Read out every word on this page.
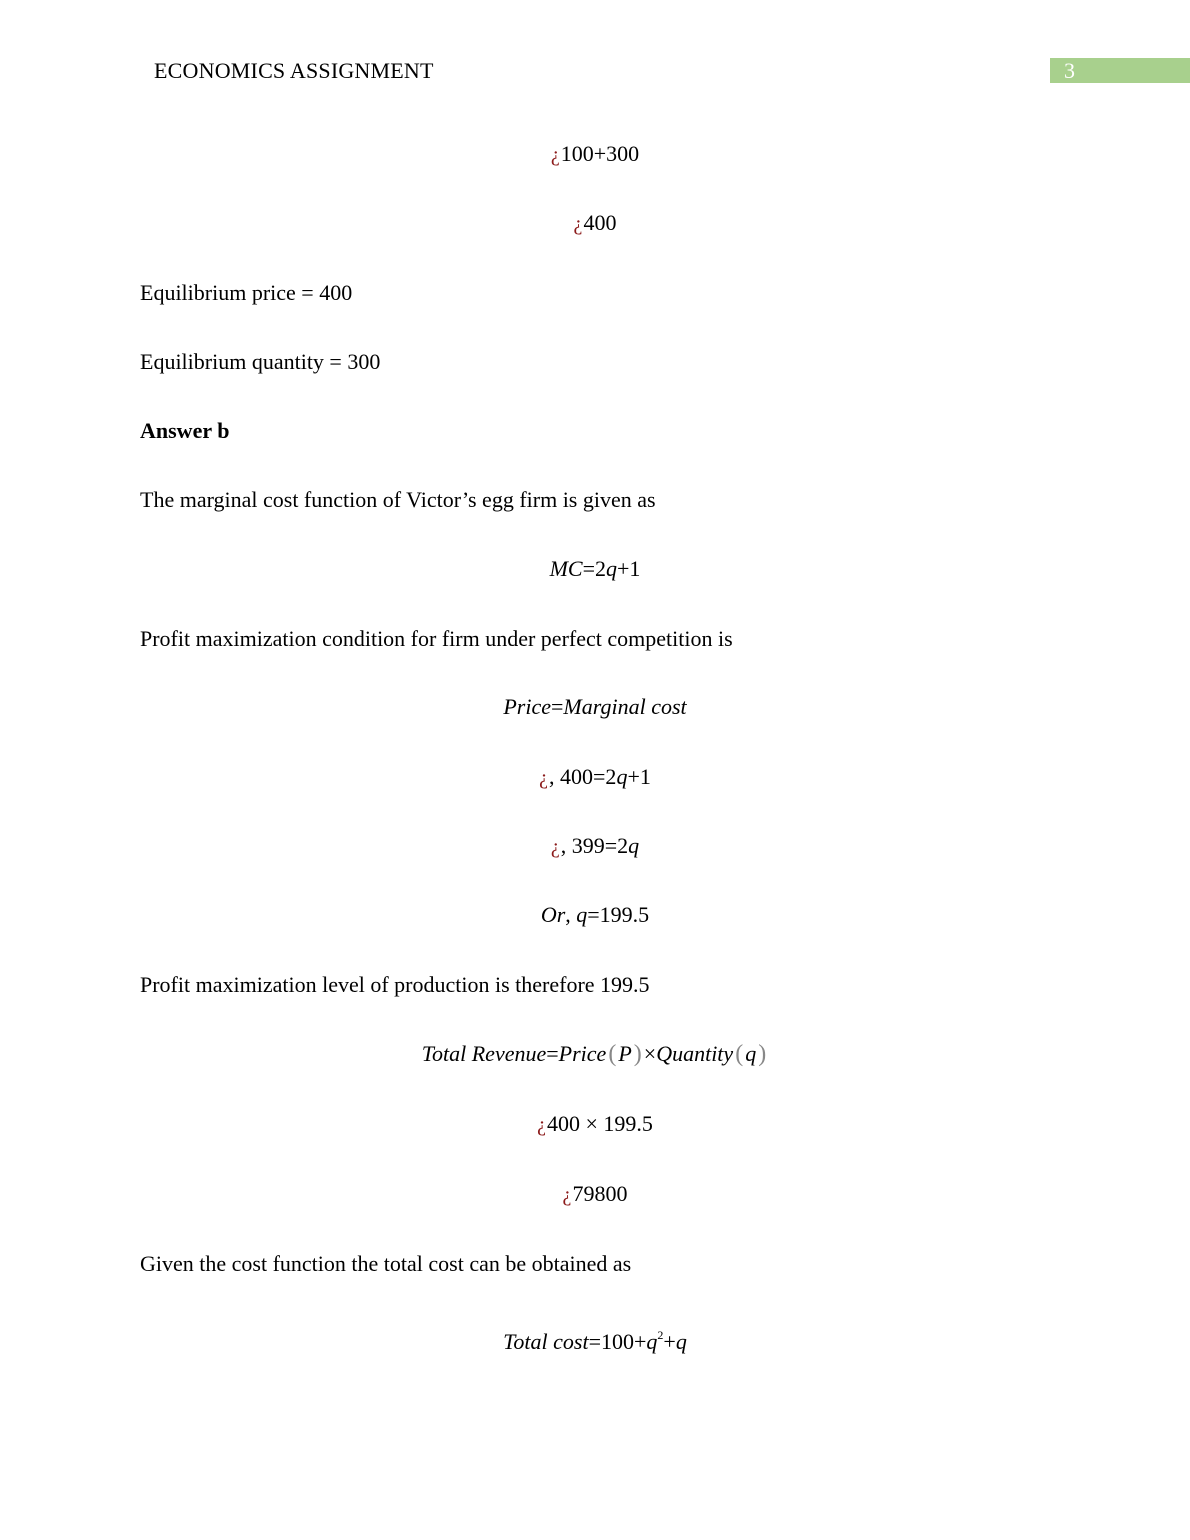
ECONOMICS ASSIGNMENT	3
¿100+300
¿400
Equilibrium price = 400
Equilibrium quantity = 300
Answer b
The marginal cost function of Victor’s egg firm is given as
MC=2q+1
Profit maximization condition for firm under perfect competition is
Price=Marginal cost
¿, 400=2q+1
¿, 399=2q
Or, q=199.5
Profit maximization level of production is therefore 199.5
Total Revenue=Price(P)×Quantity(q)
¿400 × 199.5
¿79800
Given the cost function the total cost can be obtained as
Total $\cos t=100+q^2+q$
